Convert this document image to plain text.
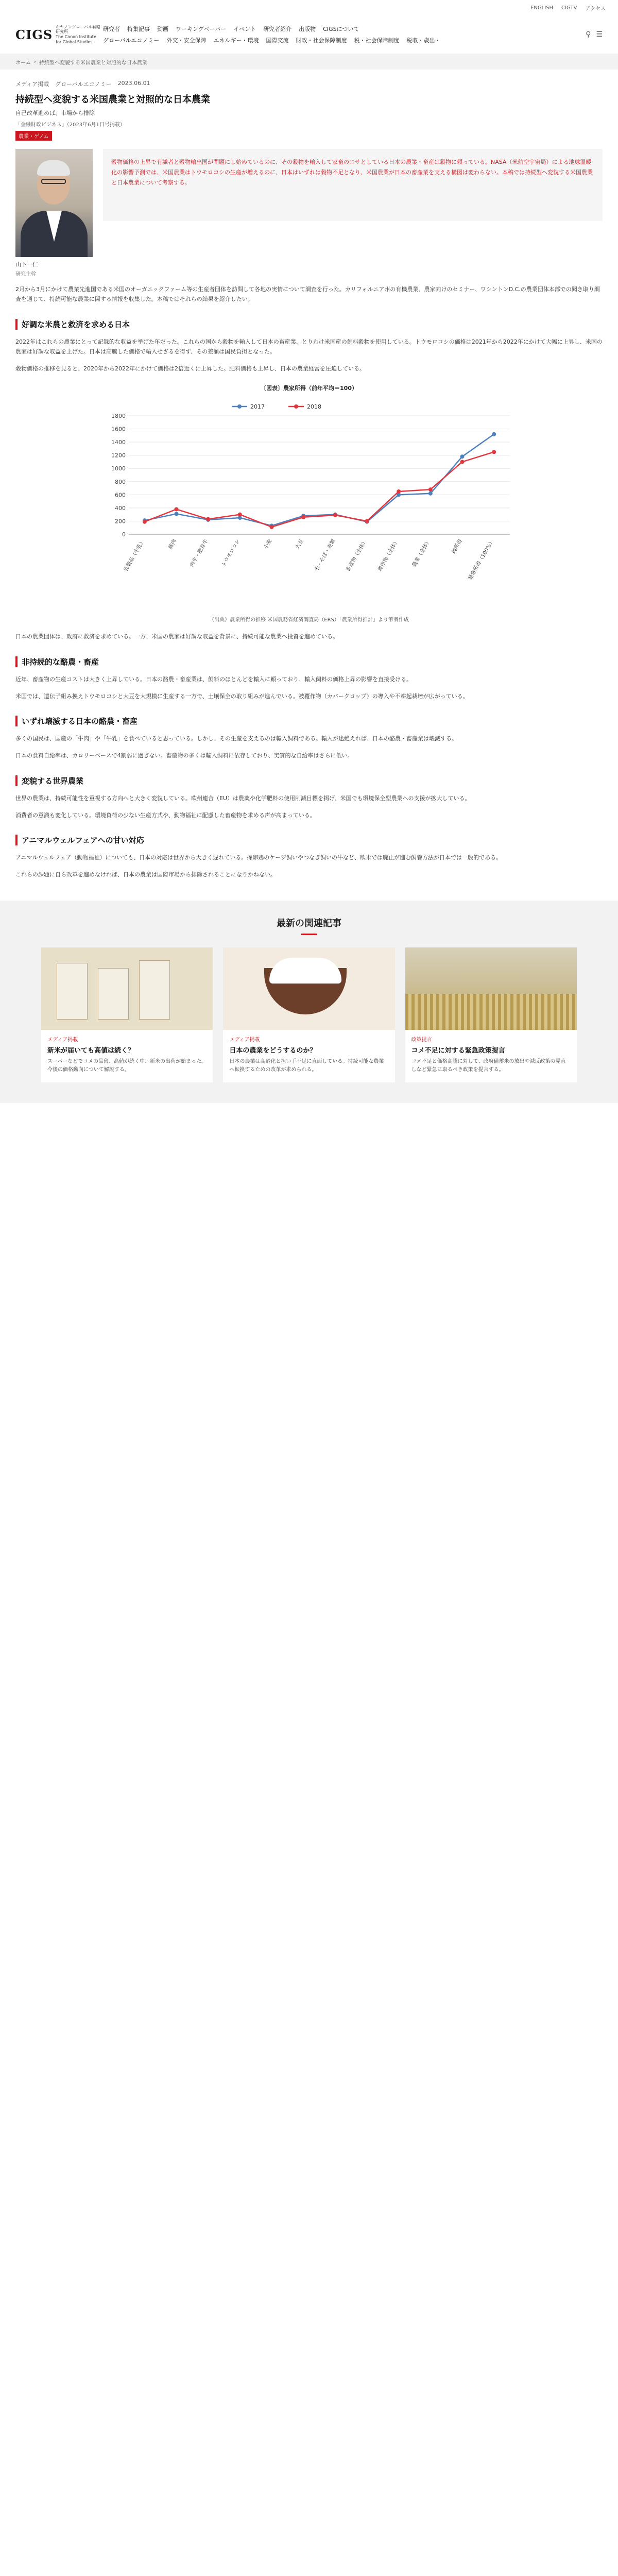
ENGLISH	CIGTV	アクセス
CIGS
キヤノングローバル戦略研究所
The Canon Institute for Global Studies
研究者 特集記事 動画 ワーキングペーパー イベント 研究者紹介 出版物 CIGSについて
グローバルエコノミー 外交・安全保障 エネルギー・環境 国際交流 財政・社会保障制度 税・社会保障制度 税収・歳出・
⚲ ☰
ホーム › 持続型へ変貌する米国農業と対照的な日本農業
メディア掲載 グローバルエコノミー 2023.06.01
持続型へ変貌する米国農業と対照的な日本農業
自己改革進めば、市場から排除
「金融財政ビジネス」（2023年6月1日号掲載）
農業・ゲノム
山下一仁
研究主幹
穀物価格の上昇で有識者と穀物輸出国が問題にし始めているのに、その穀物を輸入して家畜のエサとしている日本の農業・畜産は穀物に頼っている。NASA（米航空宇宙局）による地球温暖化の影響予測では、米国農業はトウモロコシの生産が増えるのに、日本はいずれは穀物不足となり、米国農業が日本の畜産業を支える構図は変わらない。本稿では持続型へ変貌する米国農業と日本農業について考察する。

2月から3月にかけて農業先進国である米国のオーガニックファーム等の生産者団体を訪問して各地の実情について調査を行った。カリフォルニア州の有機農業、農家向けのセミナー、ワシントンD.C.の農業団体本部での聞き取り調査を通じて、持続可能な農業に関する情報を収集した。本稿ではそれらの結果を紹介したい。

好調な米農と救済を求める日本

2022年はこれらの農業にとって記録的な収益を挙げた年だった。これらの国から穀物を輸入して日本の畜産業、とりわけ米国産の飼料穀物を使用している。トウモロコシの価格は2021年から2022年にかけて大幅に上昇し、米国の農家は好調な収益を上げた。日本は高騰した価格で輸入せざるを得ず、その差額は国民負担となった。

穀物価格の推移を見ると、2020年から2022年にかけて価格は2倍近くに上昇した。肥料価格も上昇し、日本の農業経営を圧迫している。

〔図表〕農家所得（前年平均＝100）
0
200
400
600
800
1000
1200
1400
1600
1800
乳製品（牛乳）	豚肉 肉牛・肥育牛 トウモロコシ	小麦	大豆 米・そば・麦類 畜産物（全体） 農作物（全体） 農業（全体）	純所得 経常所得（100％）
2017	2018
（出典）農業所得の推移 米国農務省経済調査局（ERS）「農業所得推計」より筆者作成

日本の農業団体は、政府に救済を求めている。一方、米国の農家は好調な収益を背景に、持続可能な農業へ投資を進めている。

非持続的な酪農・畜産

近年、畜産物の生産コストは大きく上昇している。日本の酪農・畜産業は、飼料のほとんどを輸入に頼っており、輸入飼料の価格上昇の影響を直接受ける。

米国では、遺伝子組み換えトウモロコシと大豆を大規模に生産する一方で、土壌保全の取り組みが進んでいる。被覆作物（カバークロップ）の導入や不耕起栽培が広がっている。

いずれ壊滅する日本の酪農・畜産

多くの国民は、国産の「牛肉」や「牛乳」を食べていると思っている。しかし、その生産を支えるのは輸入飼料である。輸入が途絶えれば、日本の酪農・畜産業は壊滅する。

日本の食料自給率は、カロリーベースで4割弱に過ぎない。畜産物の多くは輸入飼料に依存しており、実質的な自給率はさらに低い。

変貌する世界農業

世界の農業は、持続可能性を重視する方向へと大きく変貌している。欧州連合（EU）は農薬や化学肥料の使用削減目標を掲げ、米国でも環境保全型農業への支援が拡大している。

消費者の意識も変化している。環境負荷の少ない生産方式や、動物福祉に配慮した畜産物を求める声が高まっている。

アニマルウェルフェアへの甘い対応

アニマルウェルフェア（動物福祉）についても、日本の対応は世界から大きく遅れている。採卵鶏のケージ飼いやつなぎ飼いの牛など、欧米では廃止が進む飼養方法が日本では一般的である。

これらの課題に自ら改革を進めなければ、日本の農業は国際市場から排除されることになりかねない。

最新の関連記事
メディア掲載
新米が届いても高値は続く？
スーパーなどでコメの品薄、高値が続く中、新米の出荷が始まった。今後の価格動向について解説する。
メディア掲載
日本の農業をどうするのか？
日本の農業は高齢化と担い手不足に直面している。持続可能な農業へ転換するための改革が求められる。
政策提言
コメ不足に対する緊急政策提言
コメ不足と価格高騰に対して、政府備蓄米の放出や減反政策の見直しなど緊急に取るべき政策を提言する。
